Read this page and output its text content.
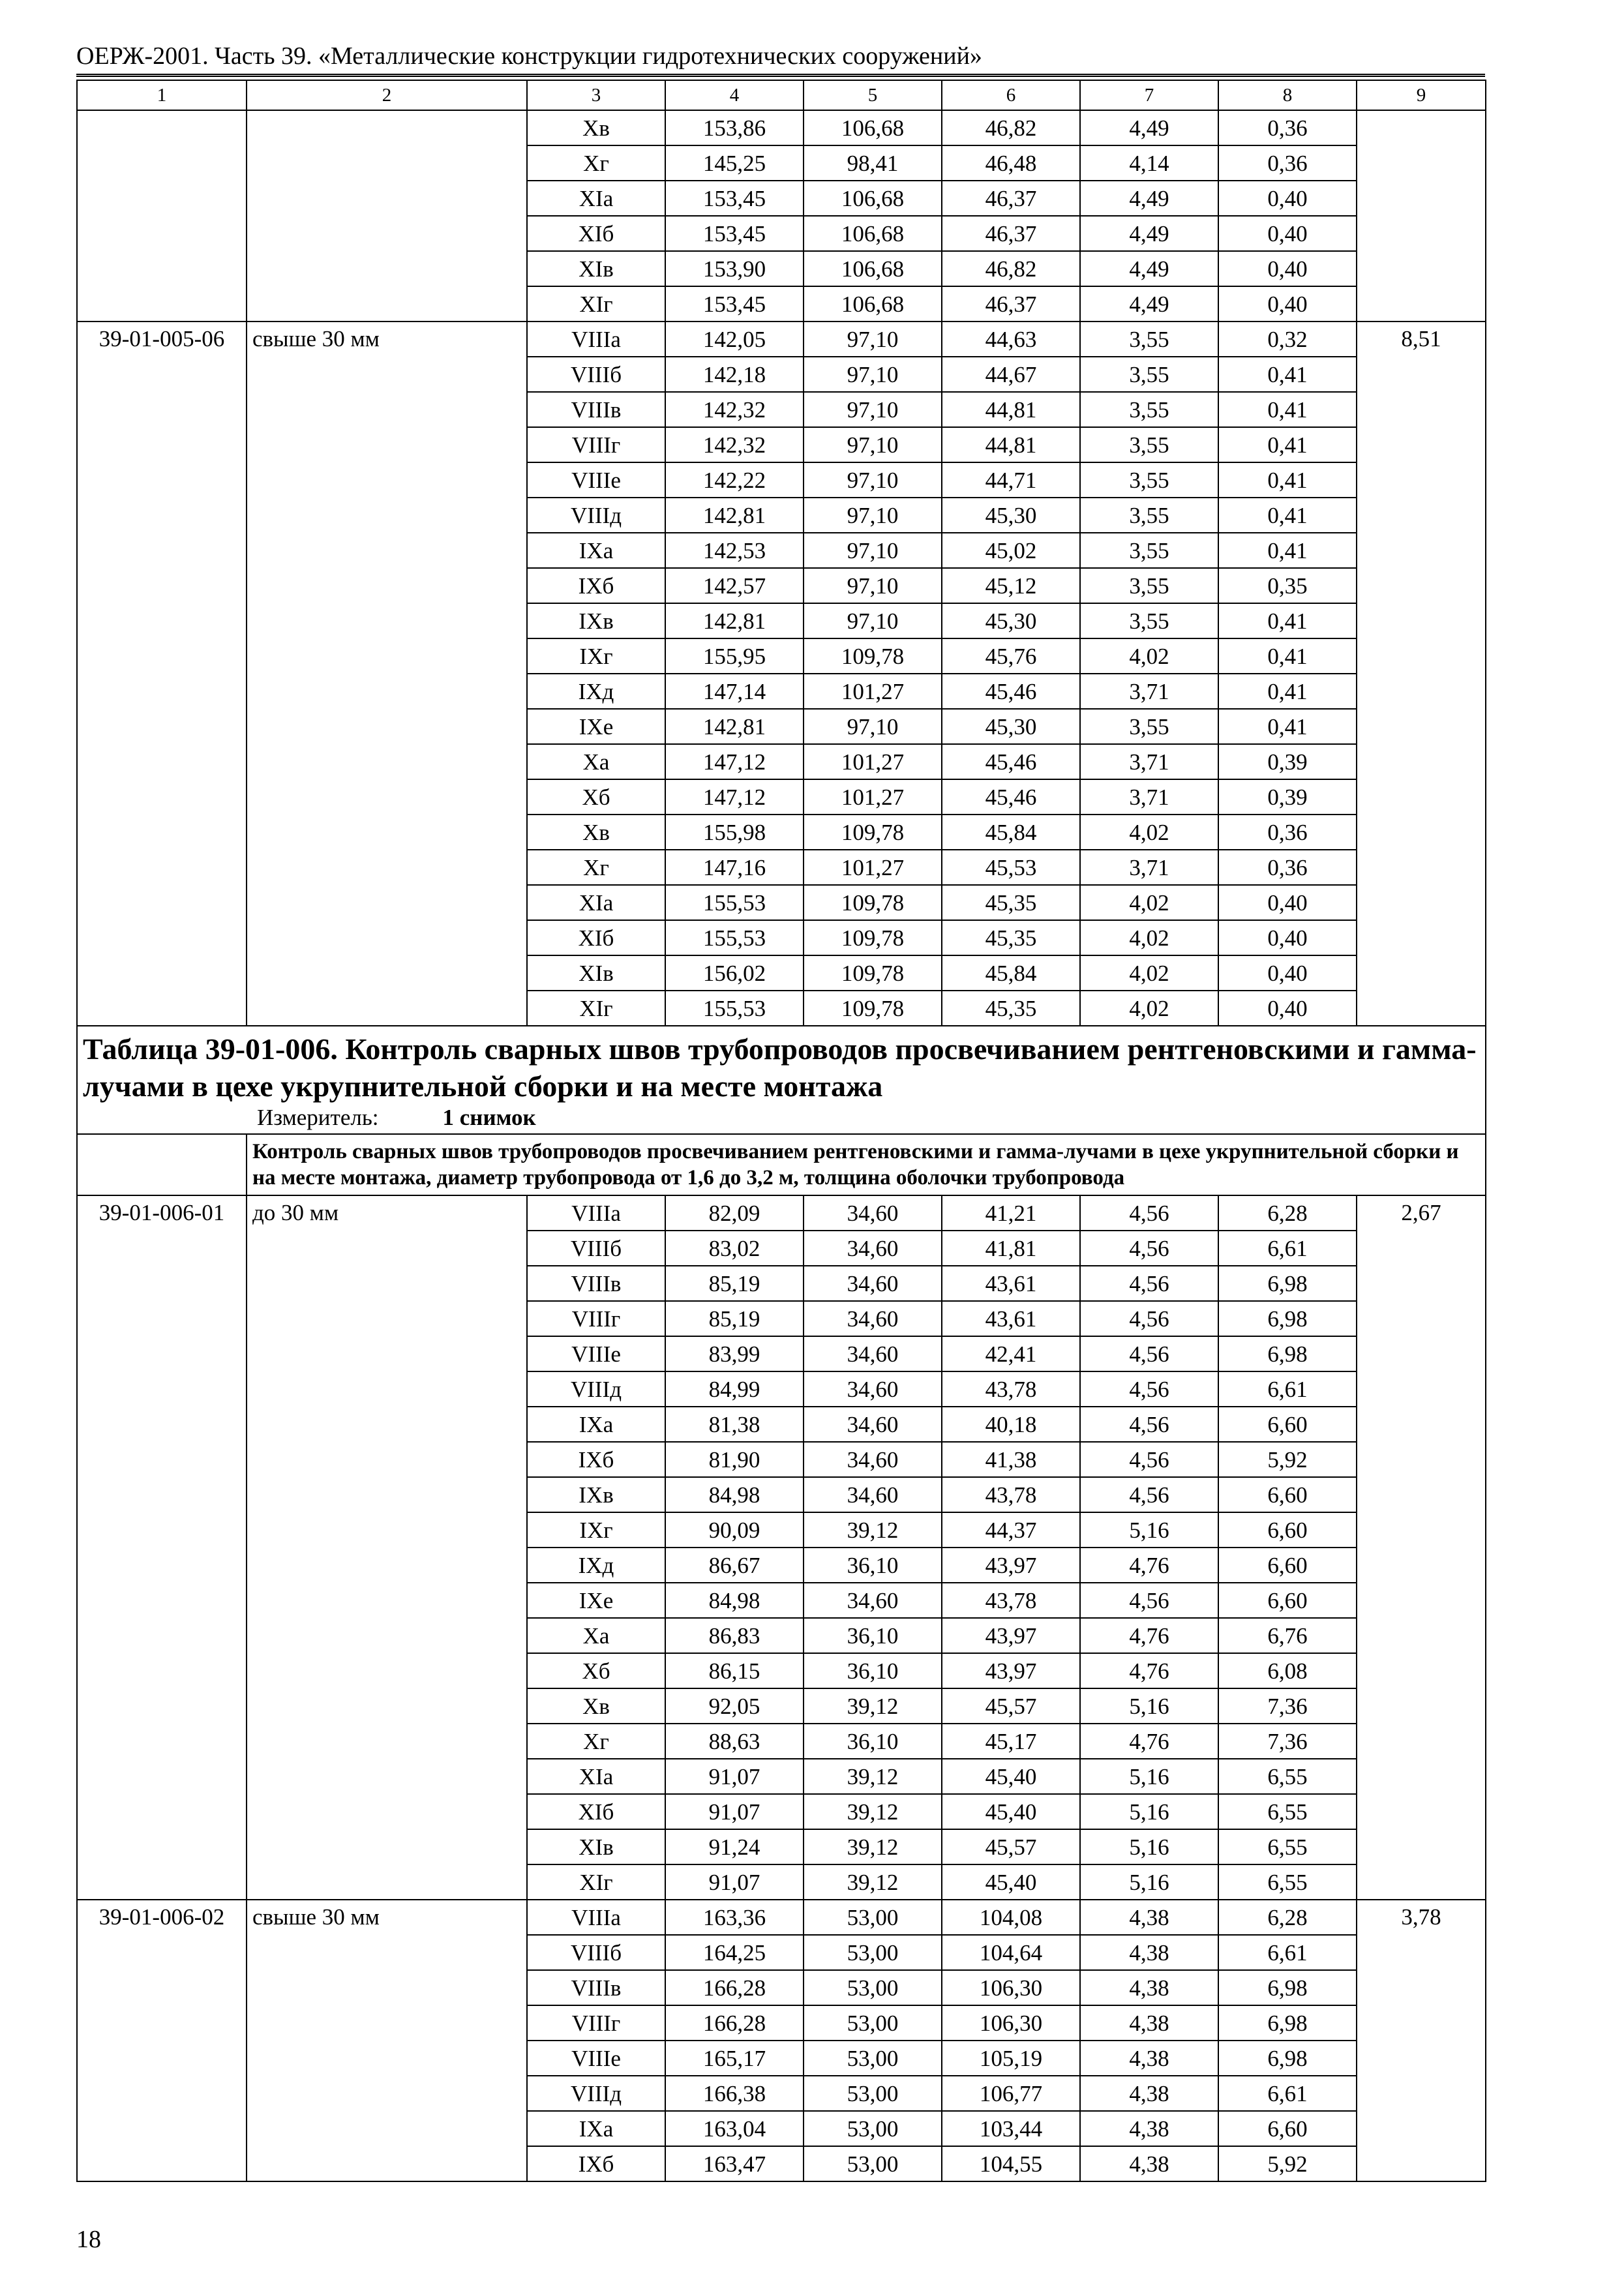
ОЕРЖ-2001. Часть 39. «Металлические конструкции гидротехнических сооружений»
1	2	3	4	5	6	7	8	9
		Хв	153,86	106,68	46,82	4,49	0,36	
		Хг	145,25	98,41	46,48	4,14	0,36	
		ХIа	153,45	106,68	46,37	4,49	0,40	
		ХIб	153,45	106,68	46,37	4,49	0,40	
		ХIв	153,90	106,68	46,82	4,49	0,40	
		ХIг	153,45	106,68	46,37	4,49	0,40	
39-01-005-06	свыше 30 мм	VIIIа	142,05	97,10	44,63	3,55	0,32	8,51
		VIIIб	142,18	97,10	44,67	3,55	0,41	
		VIIIв	142,32	97,10	44,81	3,55	0,41	
		VIIIг	142,32	97,10	44,81	3,55	0,41	
		VIIIе	142,22	97,10	44,71	3,55	0,41	
		VIIIд	142,81	97,10	45,30	3,55	0,41	
		IХа	142,53	97,10	45,02	3,55	0,41	
		IХб	142,57	97,10	45,12	3,55	0,35	
		IХв	142,81	97,10	45,30	3,55	0,41	
		IХг	155,95	109,78	45,76	4,02	0,41	
		IХд	147,14	101,27	45,46	3,71	0,41	
		IХе	142,81	97,10	45,30	3,55	0,41	
		Ха	147,12	101,27	45,46	3,71	0,39	
		Хб	147,12	101,27	45,46	3,71	0,39	
		Хв	155,98	109,78	45,84	4,02	0,36	
		Хг	147,16	101,27	45,53	3,71	0,36	
		ХIа	155,53	109,78	45,35	4,02	0,40	
		ХIб	155,53	109,78	45,35	4,02	0,40	
		ХIв	156,02	109,78	45,84	4,02	0,40	
		ХIг	155,53	109,78	45,35	4,02	0,40	

Таблица 39-01-006. Контроль сварных швов трубопроводов просвечиванием рентгеновскими и гамма-лучами в цехе укрупнительной сборки и на месте монтажа
Измеритель: 1 снимок								

	Контроль сварных швов трубопроводов просвечиванием рентгеновскими и гамма-лучами в цехе укрупнительной сборки и на месте монтажа, диаметр трубопровода от 1,6 до 3,2 м, толщина оболочки трубопровода							
39-01-006-01	до 30 мм	VIIIа	82,09	34,60	41,21	4,56	6,28	2,67
		VIIIб	83,02	34,60	41,81	4,56	6,61	
		VIIIв	85,19	34,60	43,61	4,56	6,98	
		VIIIг	85,19	34,60	43,61	4,56	6,98	
		VIIIе	83,99	34,60	42,41	4,56	6,98	
		VIIIд	84,99	34,60	43,78	4,56	6,61	
		IХа	81,38	34,60	40,18	4,56	6,60	
		IХб	81,90	34,60	41,38	4,56	5,92	
		IХв	84,98	34,60	43,78	4,56	6,60	
		IХг	90,09	39,12	44,37	5,16	6,60	
		IХд	86,67	36,10	43,97	4,76	6,60	
		IХе	84,98	34,60	43,78	4,56	6,60	
		Ха	86,83	36,10	43,97	4,76	6,76	
		Хб	86,15	36,10	43,97	4,76	6,08	
		Хв	92,05	39,12	45,57	5,16	7,36	
		Хг	88,63	36,10	45,17	4,76	7,36	
		ХIа	91,07	39,12	45,40	5,16	6,55	
		ХIб	91,07	39,12	45,40	5,16	6,55	
		ХIв	91,24	39,12	45,57	5,16	6,55	
		ХIг	91,07	39,12	45,40	5,16	6,55	
39-01-006-02	свыше 30 мм	VIIIа	163,36	53,00	104,08	4,38	6,28	3,78
		VIIIб	164,25	53,00	104,64	4,38	6,61	
		VIIIв	166,28	53,00	106,30	4,38	6,98	
		VIIIг	166,28	53,00	106,30	4,38	6,98	
		VIIIе	165,17	53,00	105,19	4,38	6,98	
		VIIIд	166,38	53,00	106,77	4,38	6,61	
		IХа	163,04	53,00	103,44	4,38	6,60	
		IХб	163,47	53,00	104,55	4,38	5,92	
18
